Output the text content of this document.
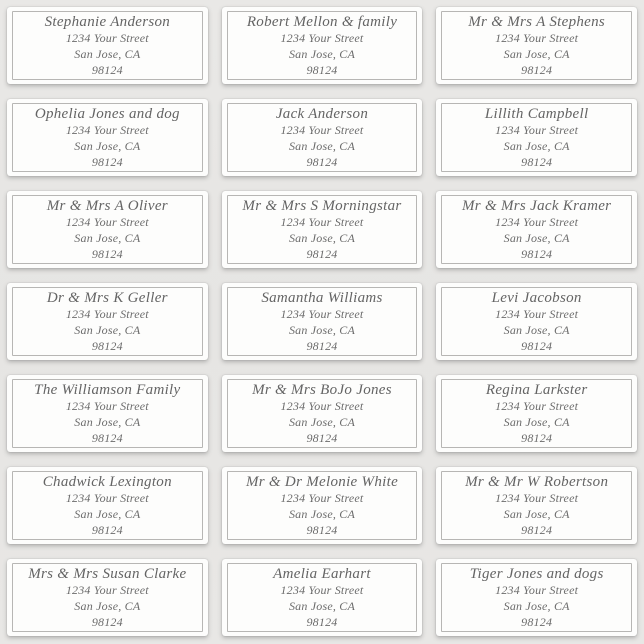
Stephanie Anderson
1234 Your Street
San Jose, CA
98124
Robert Mellon & family
1234 Your Street
San Jose, CA
98124
Mr & Mrs A Stephens
1234 Your Street
San Jose, CA
98124
Ophelia Jones and dog
1234 Your Street
San Jose, CA
98124
Jack Anderson
1234 Your Street
San Jose, CA
98124
Lillith Campbell
1234 Your Street
San Jose, CA
98124
Mr & Mrs A Oliver
1234 Your Street
San Jose, CA
98124
Mr & Mrs S Morningstar
1234 Your Street
San Jose, CA
98124
Mr & Mrs Jack Kramer
1234 Your Street
San Jose, CA
98124
Dr & Mrs K Geller
1234 Your Street
San Jose, CA
98124
Samantha Williams
1234 Your Street
San Jose, CA
98124
Levi Jacobson
1234 Your Street
San Jose, CA
98124
The Williamson Family
1234 Your Street
San Jose, CA
98124
Mr & Mrs BoJo Jones
1234 Your Street
San Jose, CA
98124
Regina Larkster
1234 Your Street
San Jose, CA
98124
Chadwick Lexington
1234 Your Street
San Jose, CA
98124
Mr & Dr Melonie White
1234 Your Street
San Jose, CA
98124
Mr & Mr W Robertson
1234 Your Street
San Jose, CA
98124
Mrs & Mrs Susan Clarke
1234 Your Street
San Jose, CA
98124
Amelia Earhart
1234 Your Street
San Jose, CA
98124
Tiger Jones and dogs
1234 Your Street
San Jose, CA
98124
